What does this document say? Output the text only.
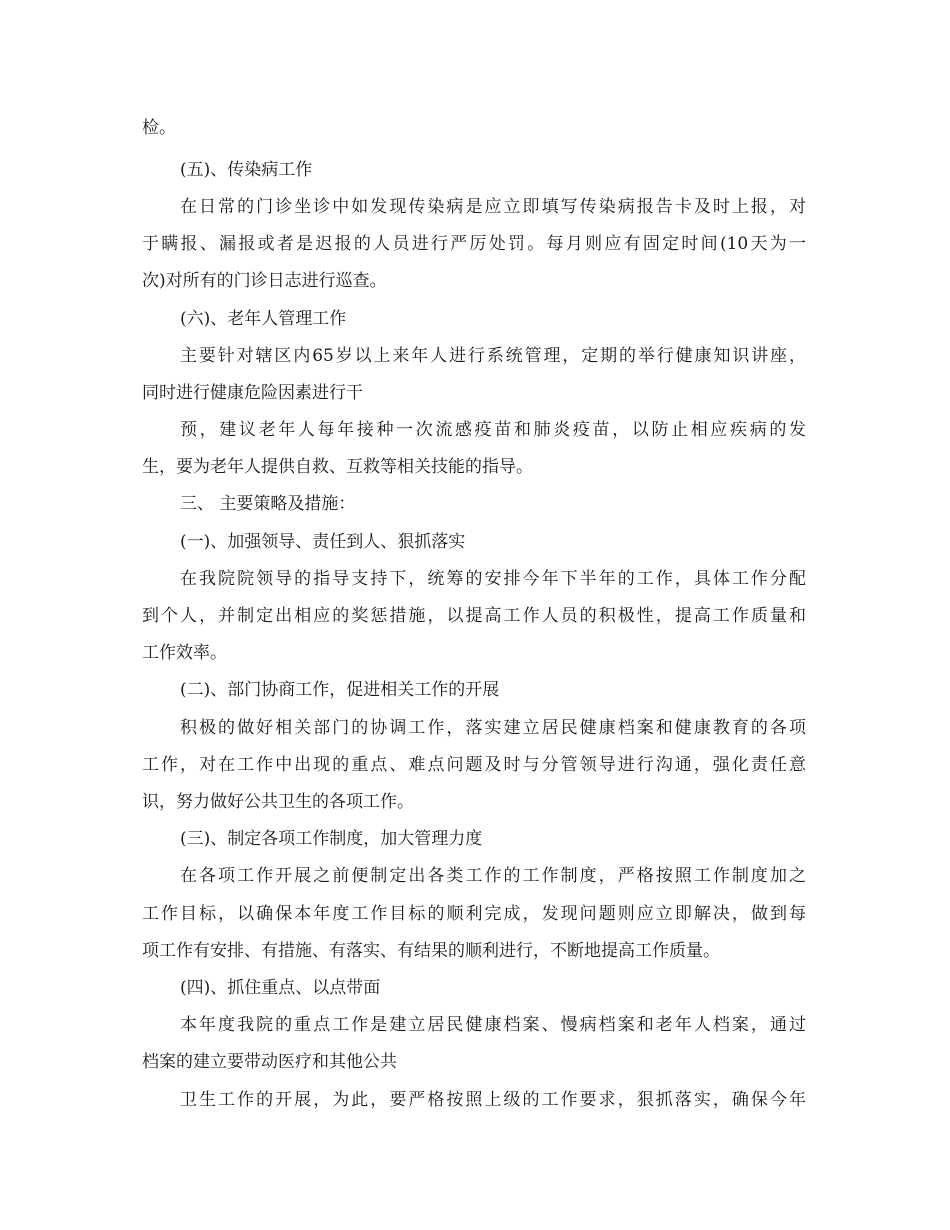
检。
(五)、传染病工作
在日常的门诊坐诊中如发现传染病是应立即填写传染病报告卡及时上报，对
于瞒报、漏报或者是迟报的人员进行严厉处罚。每月则应有固定时间(10天为一
次)对所有的门诊日志进行巡查。
(六)、老年人管理工作
主要针对辖区内65岁以上来年人进行系统管理，定期的举行健康知识讲座，
同时进行健康危险因素进行干
预，建议老年人每年接种一次流感疫苗和肺炎疫苗，以防止相应疾病的发
生，要为老年人提供自救、互救等相关技能的指导。
三、 主要策略及措施：
(一)、加强领导、责任到人、狠抓落实
在我院院领导的指导支持下，统筹的安排今年下半年的工作，具体工作分配
到个人，并制定出相应的奖惩措施，以提高工作人员的积极性，提高工作质量和
工作效率。
(二)、部门协商工作，促进相关工作的开展
积极的做好相关部门的协调工作，落实建立居民健康档案和健康教育的各项
工作，对在工作中出现的重点、难点问题及时与分管领导进行沟通，强化责任意
识，努力做好公共卫生的各项工作。
(三)、制定各项工作制度，加大管理力度
在各项工作开展之前便制定出各类工作的工作制度，严格按照工作制度加之
工作目标，以确保本年度工作目标的顺利完成，发现问题则应立即解决，做到每
项工作有安排、有措施、有落实、有结果的顺利进行，不断地提高工作质量。
(四)、抓住重点、以点带面
本年度我院的重点工作是建立居民健康档案、慢病档案和老年人档案，通过
档案的建立要带动医疗和其他公共
卫生工作的开展，为此，要严格按照上级的工作要求，狠抓落实，确保今年
